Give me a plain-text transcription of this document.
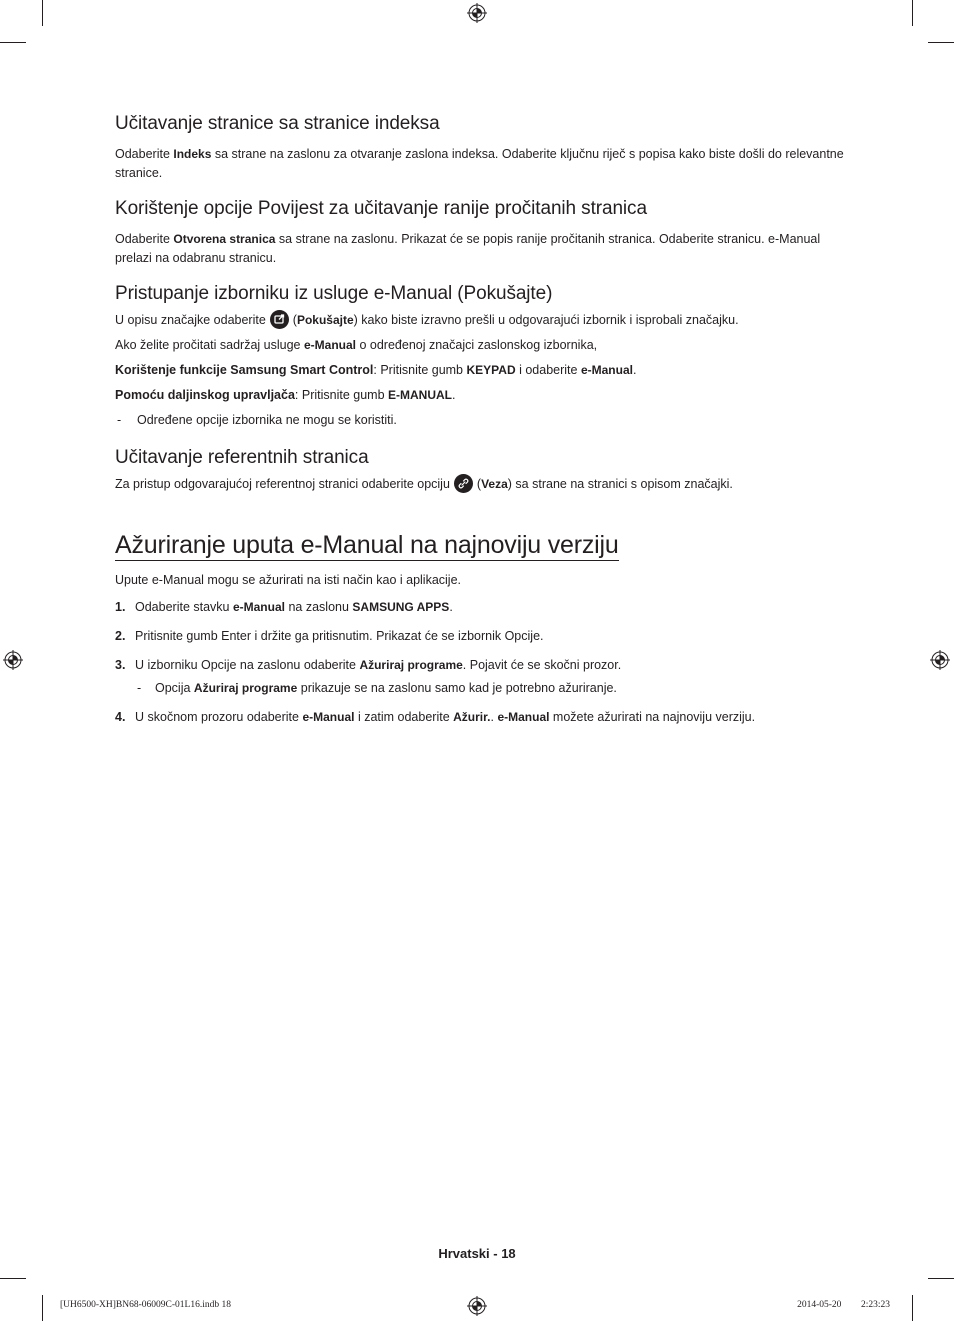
Učitavanje stranice sa stranice indeksa

Odaberite Indeks sa strane na zaslonu za otvaranje zaslona indeksa. Odaberite ključnu riječ s popisa kako biste došli do relevantne stranice.

Korištenje opcije Povijest za učitavanje ranije pročitanih stranica

Odaberite Otvorena stranica sa strane na zaslonu. Prikazat će se popis ranije pročitanih stranica. Odaberite stranicu. e-Manual prelazi na odabranu stranicu.

Pristupanje izborniku iz usluge e-Manual (Pokušajte)

U opisu značajke odaberite (Pokušajte) kako biste izravno prešli u odgovarajući izbornik i isprobali značajku.

Ako želite pročitati sadržaj usluge e-Manual o određenoj značajci zaslonskog izbornika,

Korištenje funkcije Samsung Smart Control: Pritisnite gumb KEYPAD i odaberite e-Manual.

Pomoću daljinskog upravljača: Pritisnite gumb E-MANUAL.

-	Određene opcije izbornika ne mogu se koristiti.
Učitavanje referentnih stranica

Za pristup odgovarajućoj referentnoj stranici odaberite opciju (Veza) sa strane na stranici s opisom značajki.

Ažuriranje uputa e-Manual na najnoviju verziju

Upute e-Manual mogu se ažurirati na isti način kao i aplikacije.

1. Odaberite stavku e-Manual na zaslonu SAMSUNG APPS.
2. Pritisnite gumb Enter i držite ga pritisnutim. Prikazat će se izbornik Opcije.
3. U izborniku Opcije na zaslonu odaberite Ažuriraj programe. Pojavit će se skočni prozor.
-	Opcija Ažuriraj programe prikazuje se na zaslonu samo kad je potrebno ažuriranje.
4. U skočnom prozoru odaberite e-Manual i zatim odaberite Ažurir.. e-Manual možete ažurirati na najnoviju verziju.
Hrvatski - 18
[UH6500-XH]BN68-06009C-01L16.indb 18	2014-05-20 ￿￿ 2:23:23
